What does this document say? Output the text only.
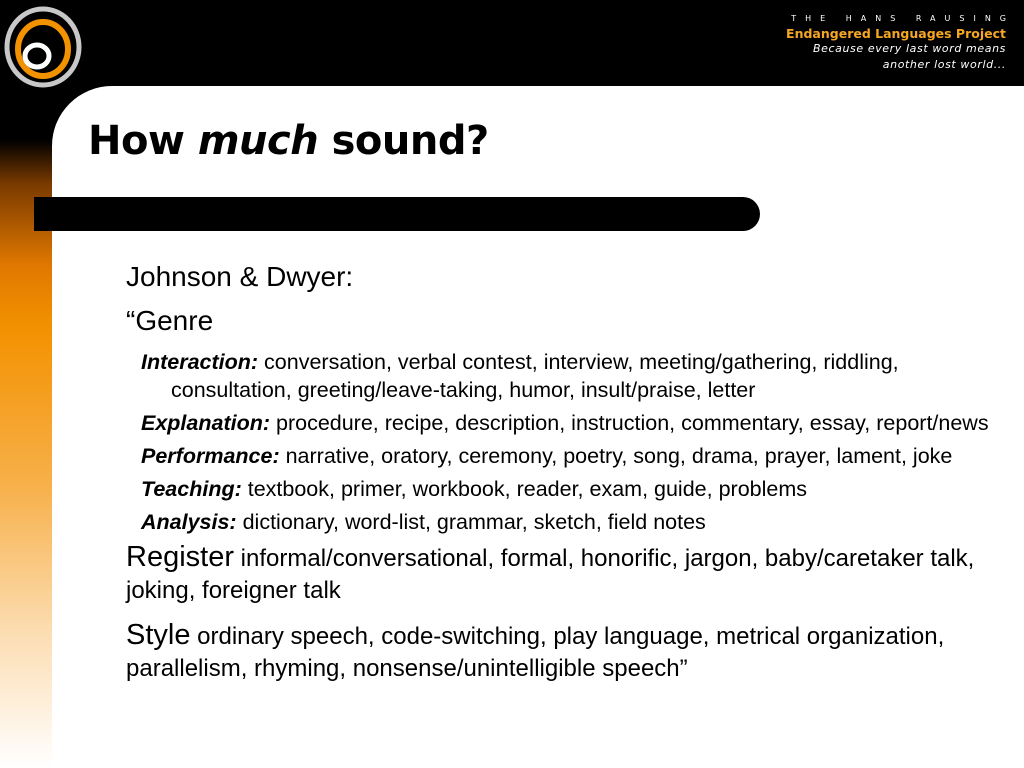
THE HANS RAUSING
Endangered Languages Project
Because every last word means
another lost world...
How much sound?
Johnson & Dwyer:
“Genre
Interaction: conversation, verbal contest, interview, meeting/gathering, riddling, consultation, greeting/leave-taking, humor, insult/praise, letter
Explanation: procedure, recipe, description, instruction, commentary, essay, report/news
Performance: narrative, oratory, ceremony, poetry, song, drama, prayer, lament, joke
Teaching: textbook, primer, workbook, reader, exam, guide, problems
Analysis: dictionary, word-list, grammar, sketch, field notes
Register informal/conversational, formal, honorific, jargon, baby/caretaker talk, joking, foreigner talk
Style ordinary speech, code-switching, play language, metrical organization, parallelism, rhyming, nonsense/unintelligible speech”
